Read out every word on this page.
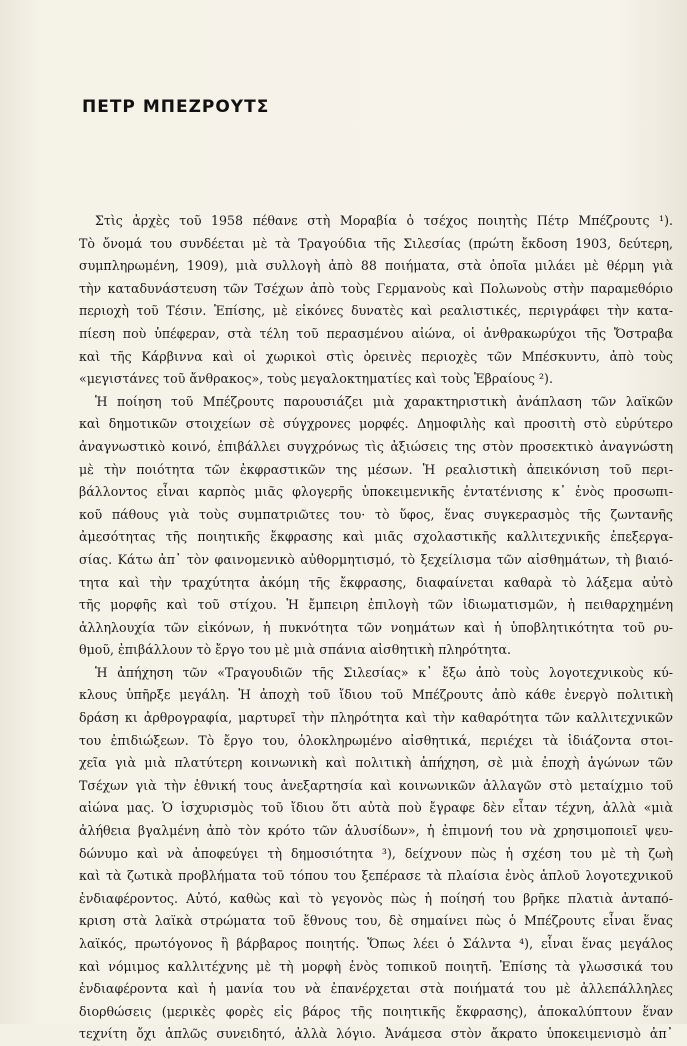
ΠΕΤΡ ΜΠΕΖΡΟΥΤΣ
Στὶς ἀρχὲς τοῦ 1958 πέθανε στὴ Μοραβία ὁ τσέχος ποιητὴς Πέτρ Μπέζρουτς ¹).
Τὸ ὄνομά του συνδέεται μὲ τὰ Τραγούδια τῆς Σιλεσίας (πρώτη ἔκδοση 1903, δεύτερη,
συμπληρωμένη, 1909), μιὰ συλλογὴ ἀπὸ 88 ποιήματα, στὰ ὁποῖα μιλάει μὲ θέρμη γιὰ
τὴν καταδυνάστευση τῶν Τσέχων ἀπὸ τοὺς Γερμανοὺς καὶ Πολωνοὺς στὴν παραμεθόριο
περιοχὴ τοῦ Τέσιν. Ἐπίσης, μὲ εἰκόνες δυνατὲς καὶ ρεαλιστικές, περιγράφει τὴν κατα-
πίεση ποὺ ὑπέφεραν, στὰ τέλη τοῦ περασμένου αἰώνα, οἱ ἀνθρακωρύχοι τῆς Ὄστραβα
καὶ τῆς Κάρβιννα καὶ οἱ χωρικοὶ στὶς ὀρεινὲς περιοχὲς τῶν Μπέσκυντυ, ἀπὸ τοὺς
«μεγιστάνες τοῦ ἄνθρακος», τοὺς μεγαλοκτηματίες καὶ τοὺς Ἑβραίους ²).
Ἡ ποίηση τοῦ Μπέζρουτς παρουσιάζει μιὰ χαρακτηριστικὴ ἀνάπλαση τῶν λαϊκῶν
καὶ δημοτικῶν στοιχείων σὲ σύγχρονες μορφές. Δημοφιλὴς καὶ προσιτὴ στὸ εὐρύτερο
ἀναγνωστικὸ κοινό, ἐπιβάλλει συγχρόνως τὶς ἀξιώσεις της στὸν προσεκτικὸ ἀναγνώστη
μὲ τὴν ποιότητα τῶν ἐκφραστικῶν της μέσων. Ἡ ρεαλιστικὴ ἀπεικόνιση τοῦ περι-
βάλλοντος εἶναι καρπὸς μιᾶς φλογερῆς ὑποκειμενικῆς ἐντατένισης κ᾽ ἑνὸς προσωπι-
κοῦ πάθους γιὰ τοὺς συμπατριῶτες του· τὸ ὕφος, ἕνας συγκερασμὸς τῆς ζωντανῆς
ἀμεσότητας τῆς ποιητικῆς ἔκφρασης καὶ μιᾶς σχολαστικῆς καλλιτεχνικῆς ἐπεξεργα-
σίας. Κάτω ἀπ᾽ τὸν φαινομενικὸ αὐθορμητισμό, τὸ ξεχείλισμα τῶν αἰσθημάτων, τὴ βιαιό-
τητα καὶ τὴν τραχύτητα ἀκόμη τῆς ἔκφρασης, διαφαίνεται καθαρὰ τὸ λάξεμα αὐτὸ
τῆς μορφῆς καὶ τοῦ στίχου. Ἡ ἔμπειρη ἐπιλογὴ τῶν ἰδιωματισμῶν, ἡ πειθαρχημένη
ἀλληλουχία τῶν εἰκόνων, ἡ πυκνότητα τῶν νοημάτων καὶ ἡ ὑποβλητικότητα τοῦ ρυ-
θμοῦ, ἐπιβάλλουν τὸ ἔργο του μὲ μιὰ σπάνια αἰσθητικὴ πληρότητα.
Ἡ ἀπήχηση τῶν «Τραγουδιῶν τῆς Σιλεσίας» κ᾽ ἔξω ἀπὸ τοὺς λογοτεχνικοὺς κύ-
κλους ὑπῆρξε μεγάλη. Ἡ ἀποχὴ τοῦ ἴδιου τοῦ Μπέζρουτς ἀπὸ κάθε ἐνεργὸ πολιτικὴ
δράση κι ἀρθρογραφία, μαρτυρεῖ τὴν πληρότητα καὶ τὴν καθαρότητα τῶν καλλιτεχνικῶν
του ἐπιδιώξεων. Τὸ ἔργο του, ὁλοκληρωμένο αἰσθητικά, περιέχει τὰ ἰδιάζοντα στοι-
χεῖα γιὰ μιὰ πλατύτερη κοινωνικὴ καὶ πολιτικὴ ἀπήχηση, σὲ μιὰ ἐποχὴ ἀγώνων τῶν
Τσέχων γιὰ τὴν ἐθνική τους ἀνεξαρτησία καὶ κοινωνικῶν ἀλλαγῶν στὸ μεταίχμιο τοῦ
αἰώνα μας. Ὁ ἰσχυρισμὸς τοῦ ἴδιου ὅτι αὐτὰ ποὺ ἔγραφε δὲν εἶταν τέχνη, ἀλλὰ «μιὰ
ἀλήθεια βγαλμένη ἀπὸ τὸν κρότο τῶν ἁλυσίδων», ἡ ἐπιμονή του νὰ χρησιμοποιεῖ ψευ-
δώνυμο καὶ νὰ ἀποφεύγει τὴ δημοσιότητα ³), δείχνουν πὼς ἡ σχέση του μὲ τὴ ζωὴ
καὶ τὰ ζωτικὰ προβλήματα τοῦ τόπου του ξεπέρασε τὰ πλαίσια ἑνὸς ἁπλοῦ λογοτεχνικοῦ
ἐνδιαφέροντος. Αὐτό, καθὼς καὶ τὸ γεγονὸς πὼς ἡ ποίησή του βρῆκε πλατιὰ ἀνταπό-
κριση στὰ λαϊκὰ στρώματα τοῦ ἔθνους του, δὲ σημαίνει πὼς ὁ Μπέζρουτς εἶναι ἕνας
λαϊκός, πρωτόγονος ἢ βάρβαρος ποιητής. Ὅπως λέει ὁ Σάλντα ⁴), εἶναι ἕνας μεγάλος
καὶ νόμιμος καλλιτέχνης μὲ τὴ μορφὴ ἑνὸς τοπικοῦ ποιητῆ. Ἐπίσης τὰ γλωσσικά του
ἐνδιαφέροντα καὶ ἡ μανία του νὰ ἐπανέρχεται στὰ ποιήματά του μὲ ἀλλεπάλληλες
διορθώσεις (μερικὲς φορὲς εἰς βάρος τῆς ποιητικῆς ἔκφρασης), ἀποκαλύπτουν ἕναν
τεχνίτη ὄχι ἁπλῶς συνειδητό, ἀλλὰ λόγιο. Ἀνάμεσα στὸν ἄκρατο ὑποκειμενισμὸ ἀπ᾽
